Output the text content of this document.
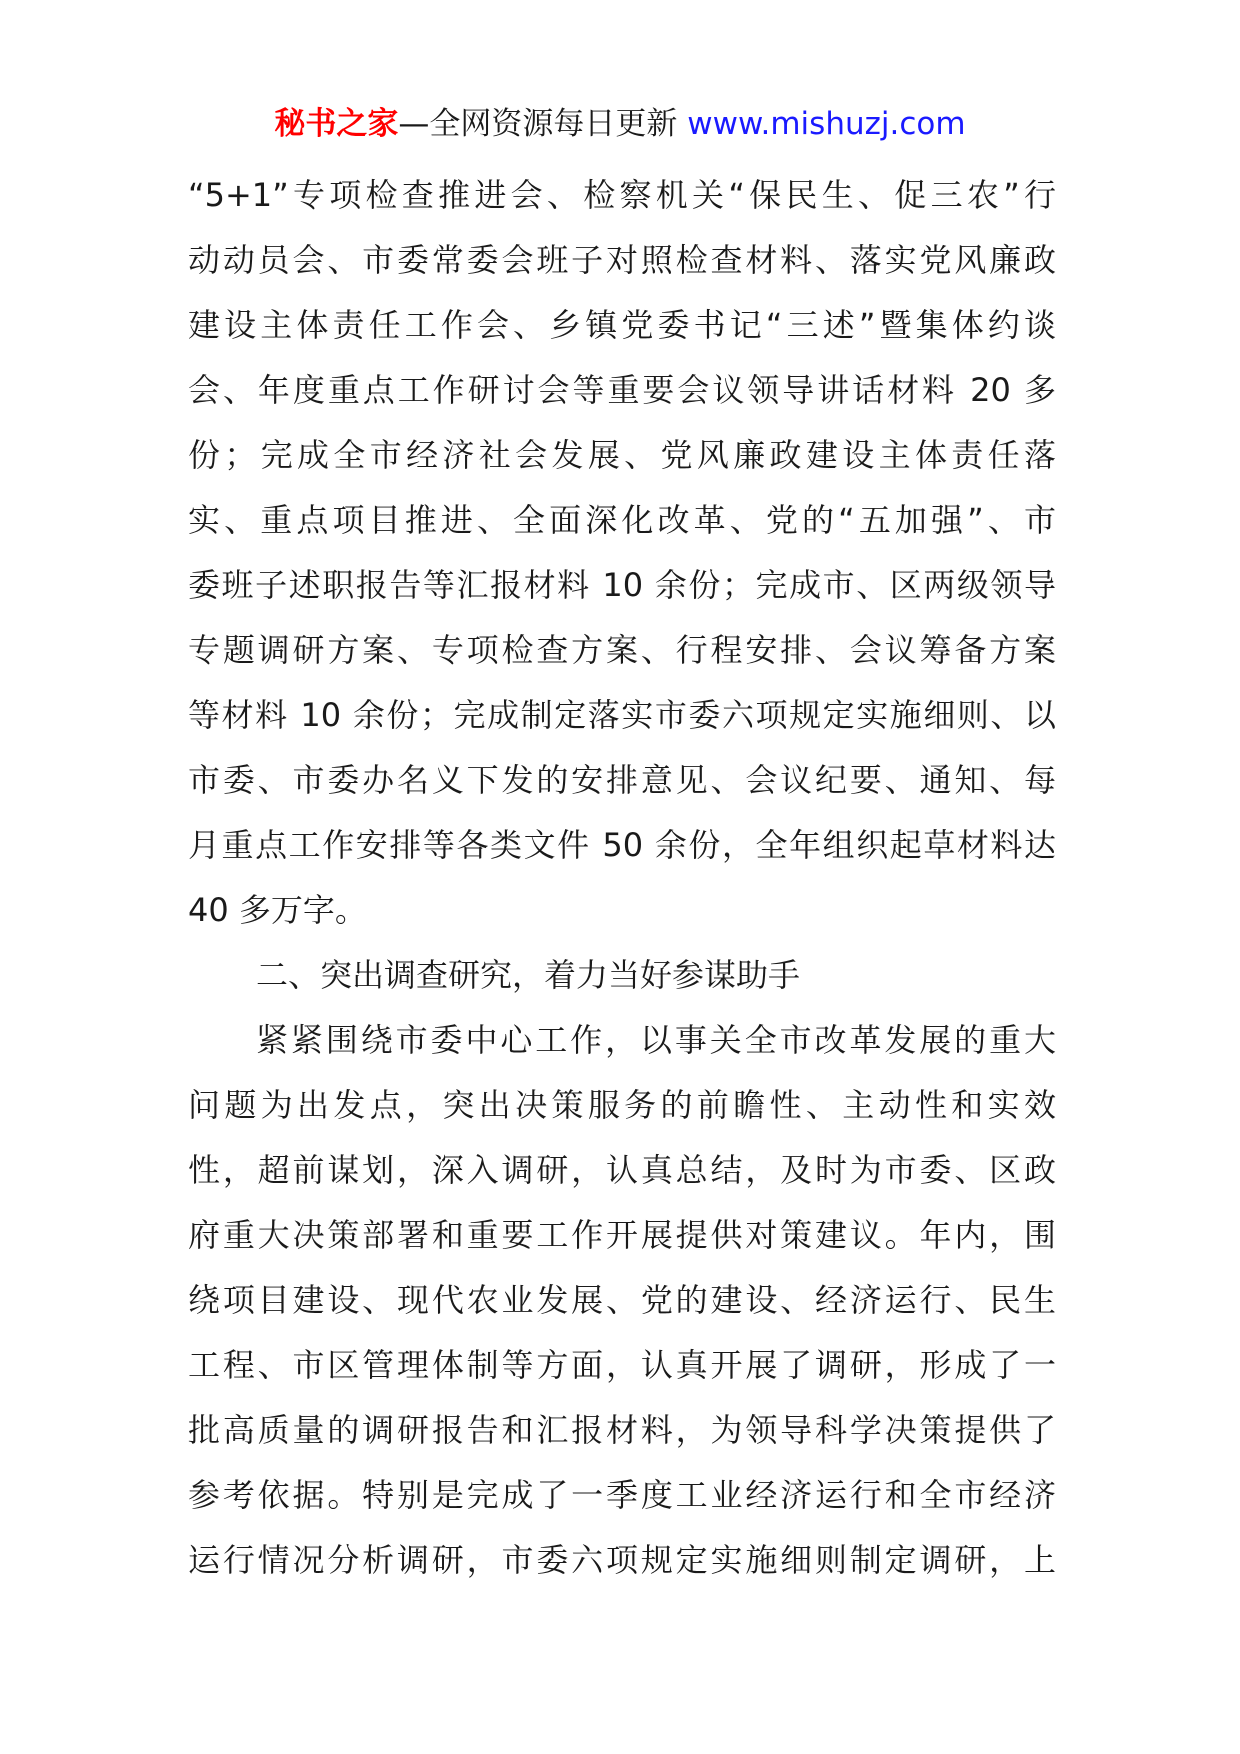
秘书之家—全网资源每日更新 www.mishuzj.com
“5+1”专项检查推进会、检察机关“保民生、促三农”行
动动员会、市委常委会班子对照检查材料、落实党风廉政
建设主体责任工作会、乡镇党委书记“三述”暨集体约谈
会、年度重点工作研讨会等重要会议领导讲话材料 20 多
份；完成全市经济社会发展、党风廉政建设主体责任落
实、重点项目推进、全面深化改革、党的“五加强”、市
委班子述职报告等汇报材料 10 余份；完成市、区两级领导
专题调研方案、专项检查方案、行程安排、会议筹备方案
等材料 10 余份；完成制定落实市委六项规定实施细则、以
市委、市委办名义下发的安排意见、会议纪要、通知、每
月重点工作安排等各类文件 50 余份，全年组织起草材料达
40 多万字。
二、突出调查研究，着力当好参谋助手
紧紧围绕市委中心工作，以事关全市改革发展的重大
问题为出发点，突出决策服务的前瞻性、主动性和实效
性，超前谋划，深入调研，认真总结，及时为市委、区政
府重大决策部署和重要工作开展提供对策建议。年内，围
绕项目建设、现代农业发展、党的建设、经济运行、民生
工程、市区管理体制等方面，认真开展了调研，形成了一
批高质量的调研报告和汇报材料，为领导科学决策提供了
参考依据。特别是完成了一季度工业经济运行和全市经济
运行情况分析调研，市委六项规定实施细则制定调研，上
